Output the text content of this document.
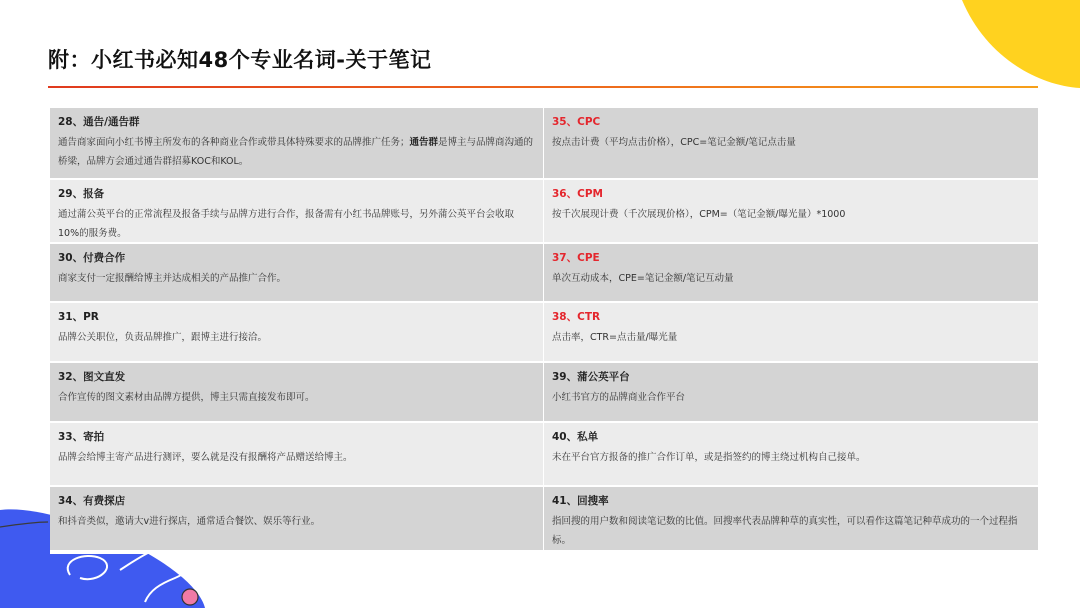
附：小红书必知48个专业名词-关于笔记
28、通告/通告群
通告商家面向小红书博主所发布的各种商业合作或带具体特殊要求的品牌推广任务；通告群是博主与品牌商沟通的桥梁，品牌方会通过通告群招募KOC和KOL。
35、CPC
按点击计费（平均点击价格），CPC=笔记金额/笔记点击量
29、报备
通过蒲公英平台的正常流程及报备手续与品牌方进行合作，报备需有小红书品牌账号，另外蒲公英平台会收取10%的服务费。
36、CPM
按千次展现计费（千次展现价格），CPM=（笔记金额/曝光量）*1000
30、付费合作
商家支付一定报酬给博主并达成相关的产品推广合作。
37、CPE
单次互动成本，CPE=笔记金额/笔记互动量
31、PR
品牌公关职位，负责品牌推广，跟博主进行接洽。
38、CTR
点击率，CTR=点击量/曝光量
32、图文直发
合作宣传的图文素材由品牌方提供，博主只需直接发布即可。
39、蒲公英平台
小红书官方的品牌商业合作平台
33、寄拍
品牌会给博主寄产品进行测评，要么就是没有报酬将产品赠送给博主。
40、私单
未在平台官方报备的推广合作订单，或是指签约的博主绕过机构自己接单。
34、有费探店
和抖音类似，邀请大v进行探店，通常适合餐饮、娱乐等行业。
41、回搜率
指回搜的用户数和阅读笔记数的比值。回搜率代表品牌种草的真实性，可以看作这篇笔记种草成功的一个过程指标。
